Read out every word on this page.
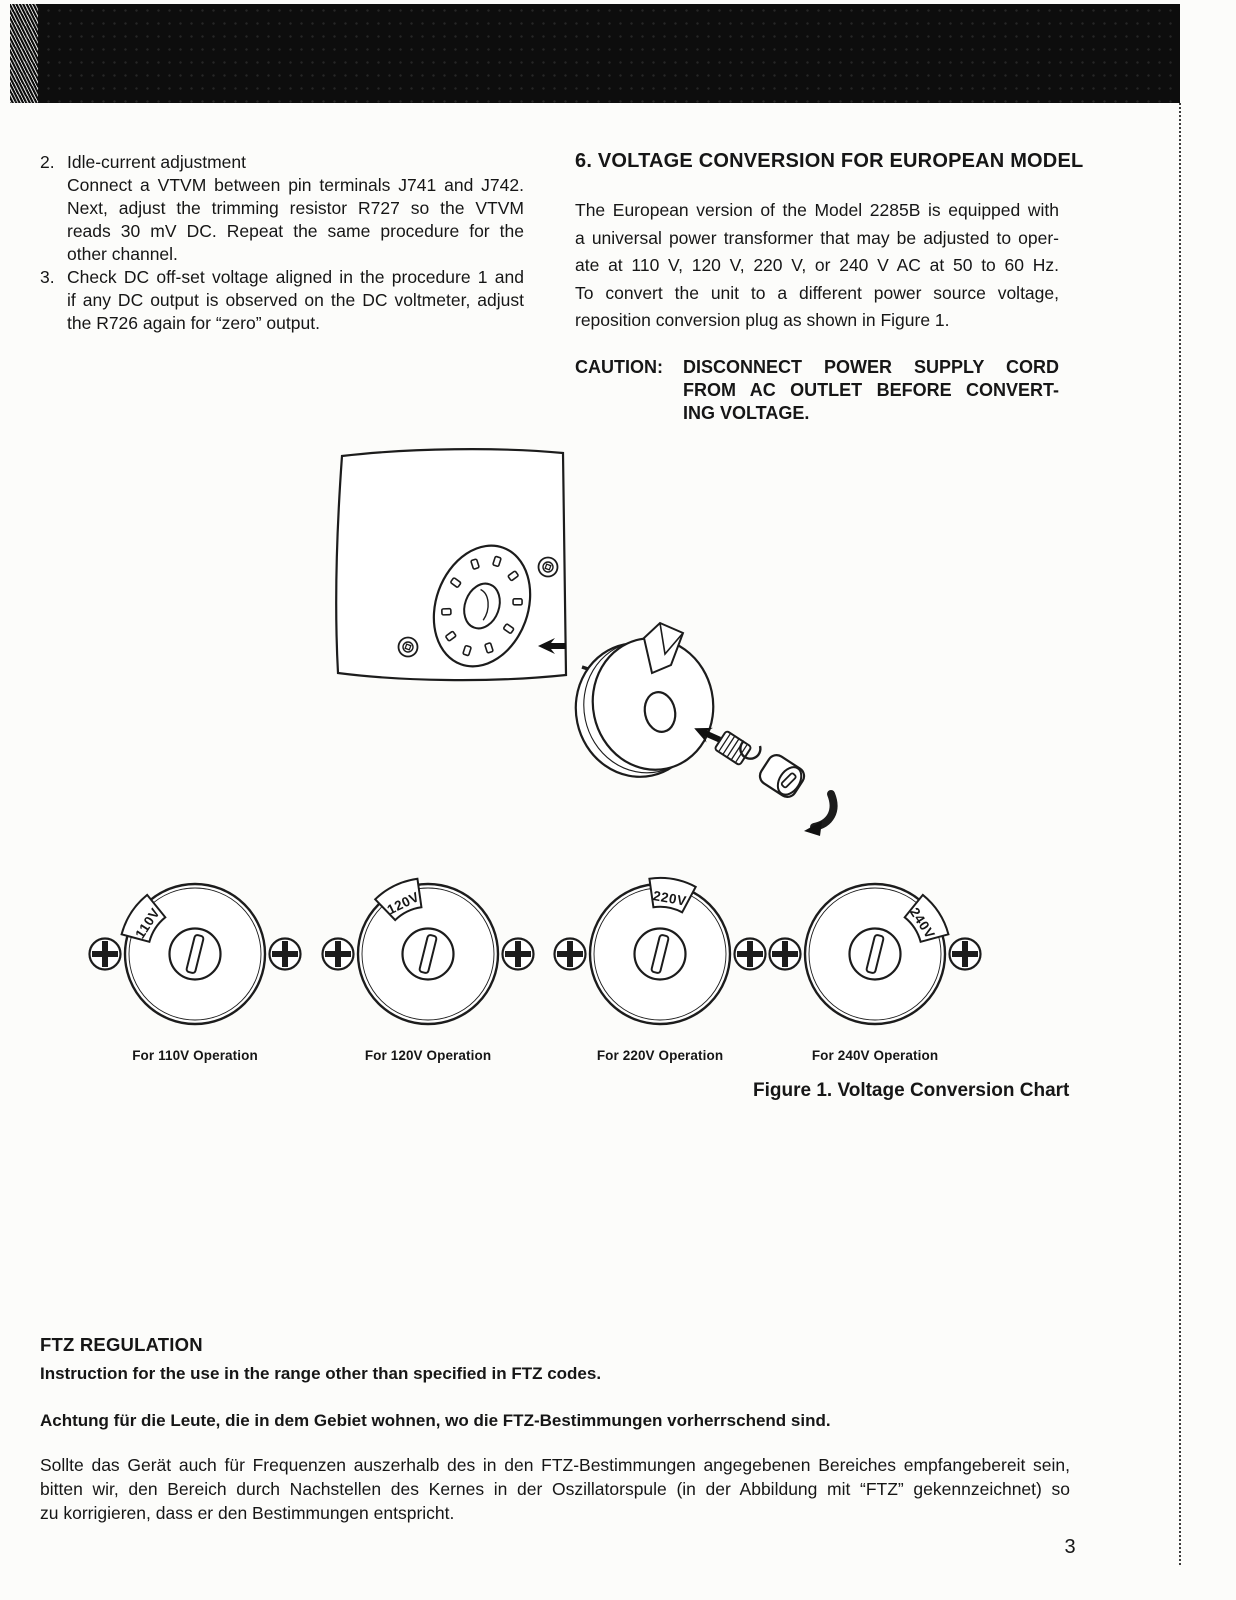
2. Idle-current adjustment
Connect a VTVM between pin terminals J741 and J742.
Next, adjust the trimming resistor R727 so the VTVM
reads 30 mV DC. Repeat the same procedure for the
other channel.
3. Check DC off-set voltage aligned in the procedure 1 and
if any DC output is observed on the DC voltmeter, adjust
the R726 again for “zero” output.
6. VOLTAGE CONVERSION FOR EUROPEAN MODEL
The European version of the Model 2285B is equipped with
a universal power transformer that may be adjusted to oper-
ate at 110 V, 120 V, 220 V, or 240 V AC at 50 to 60 Hz.
To convert the unit to a different power source voltage,
reposition conversion plug as shown in Figure 1.
CAUTION:	DISCONNECT POWER SUPPLY CORD
FROM AC OUTLET BEFORE CONVERT-
ING VOLTAGE.
110V
For 110V Operation
120V
For 120V Operation
220V
For 220V Operation
240V
For 240V Operation
Figure 1. Voltage Conversion Chart
FTZ REGULATION
Instruction for the use in the range other than specified in FTZ codes.
Achtung für die Leute, die in dem Gebiet wohnen, wo die FTZ-Bestimmungen vorherrschend sind.
Sollte das Gerät auch für Frequenzen auszerhalb des in den FTZ-Bestimmungen angegebenen Bereiches empfangebereit sein,
bitten wir, den Bereich durch Nachstellen des Kernes in der Oszillatorspule (in der Abbildung mit “FTZ” gekennzeichnet) so
zu korrigieren, dass er den Bestimmungen entspricht.
3
